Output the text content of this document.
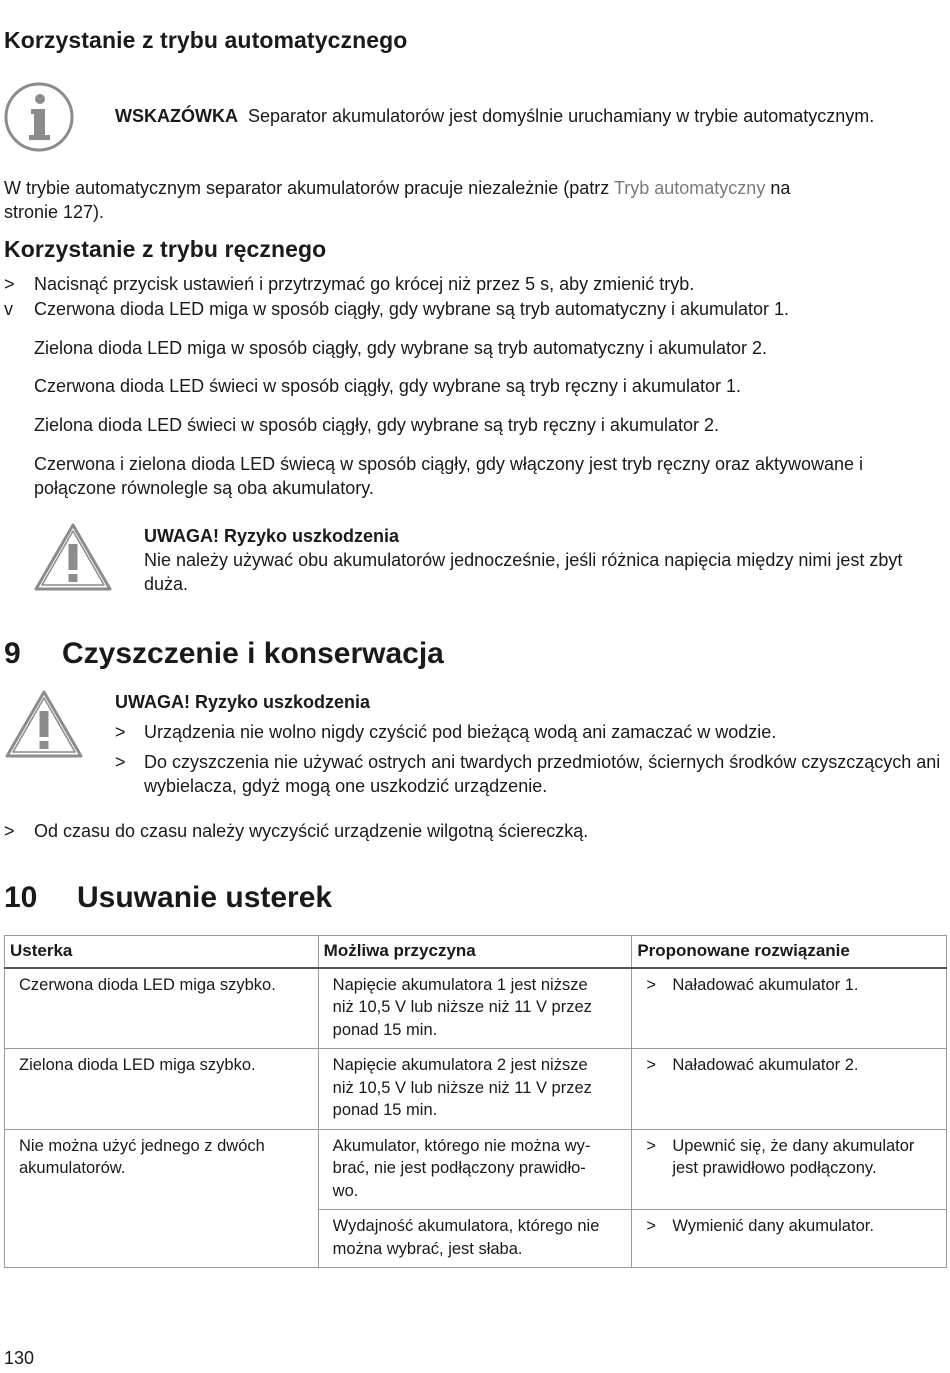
Korzystanie z trybu automatycznego
WSKAZÓWKA Separator akumulatorów jest domyślnie uruchamiany w trybie automatycznym.
W trybie automatycznym separator akumulatorów pracuje niezależnie (patrz Tryb automatyczny na
stronie 127).
Korzystanie z trybu ręcznego
>	Nacisnąć przycisk ustawień i przytrzymać go krócej niż przez 5 s, aby zmienić tryb.
v	Czerwona dioda LED miga w sposób ciągły, gdy wybrane są tryb automatyczny i akumulator 1.
Zielona dioda LED miga w sposób ciągły, gdy wybrane są tryb automatyczny i akumulator 2.
Czerwona dioda LED świeci w sposób ciągły, gdy wybrane są tryb ręczny i akumulator 1.
Zielona dioda LED świeci w sposób ciągły, gdy wybrane są tryb ręczny i akumulator 2.
Czerwona i zielona dioda LED świecą w sposób ciągły, gdy włączony jest tryb ręczny oraz aktywowane i połączone równolegle są oba akumulatory.
UWAGA! Ryzyko uszkodzenia
Nie należy używać obu akumulatorów jednocześnie, jeśli różnica napięcia między nimi jest zbyt duża.
9 Czyszczenie i konserwacja
UWAGA! Ryzyko uszkodzenia
> Urządzenia nie wolno nigdy czyścić pod bieżącą wodą ani zamaczać w wodzie.
> Do czyszczenia nie używać ostrych ani twardych przedmiotów, ściernych środków czyszczących ani wybielacza, gdyż mogą one uszkodzić urządzenie.
>	Od czasu do czasu należy wyczyścić urządzenie wilgotną ściereczką.
10 Usuwanie usterek
Usterka	Możliwa przyczyna	Proponowane rozwiązanie
Czerwona dioda LED miga szybko.	Napięcie akumulatora 1 jest niższe niż 10,5 V lub niższe niż 11 V przez ponad 15 min.	> Naładować akumulator 1.

Zielona dioda LED miga szybko.	Napięcie akumulatora 2 jest niższe niż 10,5 V lub niższe niż 11 V przez ponad 15 min.	> Naładować akumulator 2.

Nie można użyć jednego z dwóch akumulatorów.	Akumulator, którego nie można wy-brać, nie jest podłączony prawidło-wo.	> Upewnić się, że dany akumulator jest prawidłowo podłączony.

	Wydajność akumulatora, którego nie można wybrać, jest słaba.	> Wymienić dany akumulator.
130
